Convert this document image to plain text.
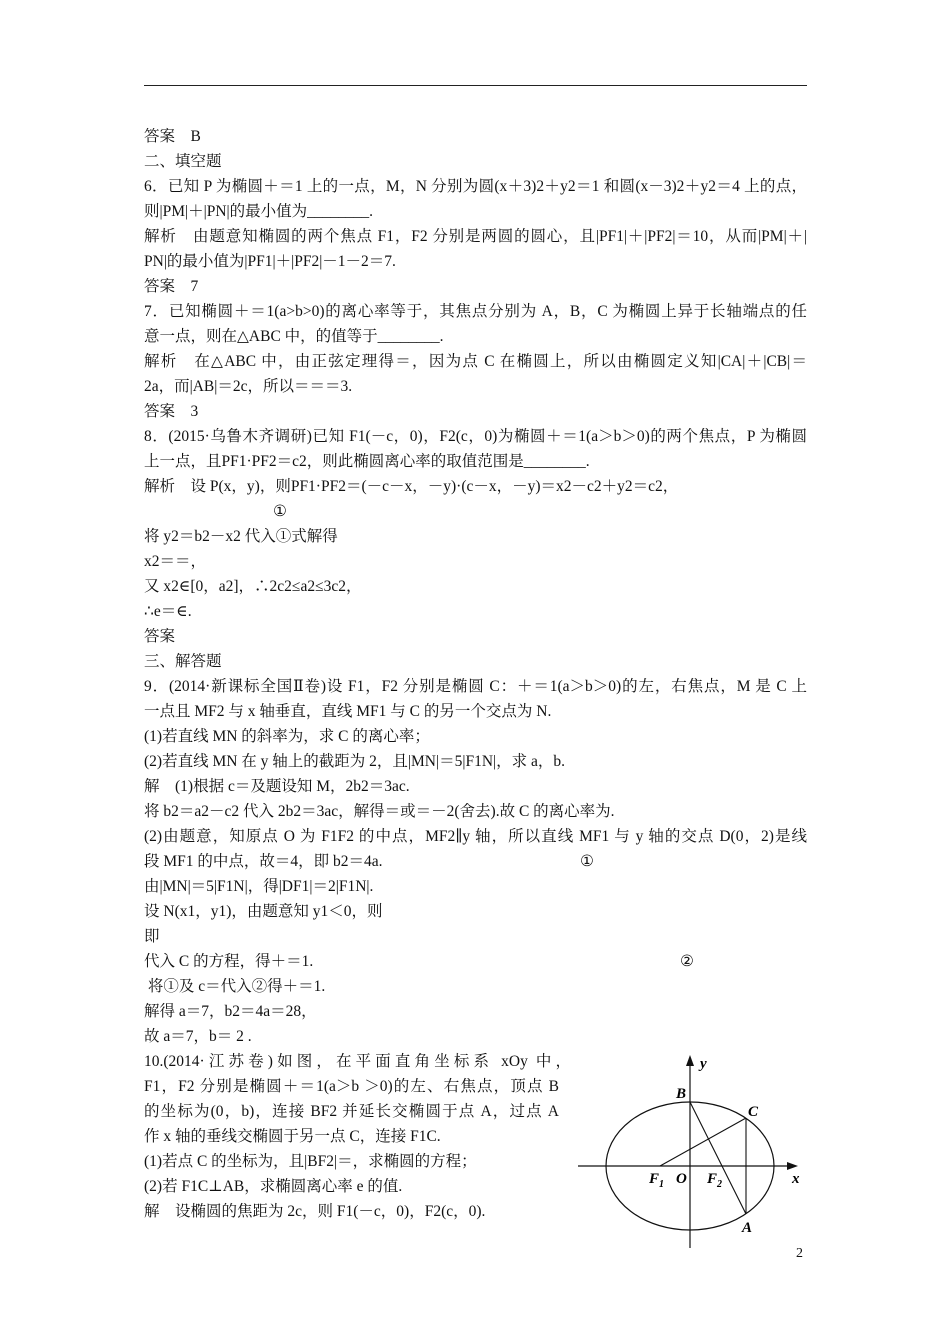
答案　B
二、填空题
6．已知 P 为椭圆＋＝1 上的一点，M，N 分别为圆(x＋3)2＋y2＝1 和圆(x－3)2＋y2＝4 上的点，
则|PM|＋|PN|的最小值为________.
解析　由题意知椭圆的两个焦点 F1，F2 分别是两圆的圆心，且|PF1|＋|PF2|＝10，从而|PM|＋|
PN|的最小值为|PF1|＋|PF2|－1－2＝7.
答案　7
7．已知椭圆＋＝1(a>b>0)的离心率等于，其焦点分别为 A，B，C 为椭圆上异于长轴端点的任
意一点，则在△ABC 中，的值等于________.
解析　在△ABC 中，由正弦定理得＝，因为点 C 在椭圆上，所以由椭圆定义知|CA|＋|CB|＝
2a，而|AB|＝2c，所以＝＝＝3.
答案　3
8．(2015·乌鲁木齐调研)已知 F1(－c，0)，F2(c，0)为椭圆＋＝1(a＞b＞0)的两个焦点，P 为椭圆
上一点，且PF1·PF2＝c2，则此椭圆离心率的取值范围是________.
解析　设 P(x，y)，则PF1·PF2＝(－c－x，－y)·(c－x，－y)＝x2－c2＋y2＝c2，
①
将 y2＝b2－x2 代入①式解得
x2＝＝，
又 x2∈[0，a2]，∴2c2≤a2≤3c2，
∴e＝∈.
答案
三、解答题
9．(2014·新课标全国Ⅱ卷)设 F1，F2 分别是椭圆 C：＋＝1(a＞b＞0)的左，右焦点，M 是 C 上
一点且 MF2 与 x 轴垂直，直线 MF1 与 C 的另一个交点为 N.
(1)若直线 MN 的斜率为，求 C 的离心率；
(2)若直线 MN 在 y 轴上的截距为 2，且|MN|＝5|F1N|，求 a，b.
解　(1)根据 c＝及题设知 M，2b2＝3ac.
将 b2＝a2－c2 代入 2b2＝3ac，解得＝或＝－2(舍去).故 C 的离心率为.
(2)由题意，知原点 O 为 F1F2 的中点，MF2∥y 轴，所以直线 MF1 与 y 轴的交点 D(0，2)是线
段 MF1 的中点，故＝4，即 b2＝4a.	①
由|MN|＝5|F1N|，得|DF1|＝2|F1N|.
设 N(x1，y1)，由题意知 y1＜0，则
即
代入 C 的方程，得＋＝1.	②
将①及 c＝代入②得＋＝1.
解得 a＝7，b2＝4a＝28，
故 a＝7，b＝ 2 .
10.(2014·江苏卷)如图，在平面直角坐标系 xOy 中，
F1，F2 分别是椭圆＋＝1(a＞b ＞0)的左、右焦点，顶点 B
的坐标为(0，b)，连接 BF2 并延长交椭圆于点 A，过点 A
作 x 轴的垂线交椭圆于另一点 C，连接 F1C.
(1)若点 C 的坐标为，且|BF2|＝，求椭圆的方程；
(2)若 F1C⊥AB，求椭圆离心率 e 的值.
解　设椭圆的焦距为 2c，则 F1(－c，0)，F2(c，0).
y
x
B
C
A
O
$F_1$	$F_2$
2
